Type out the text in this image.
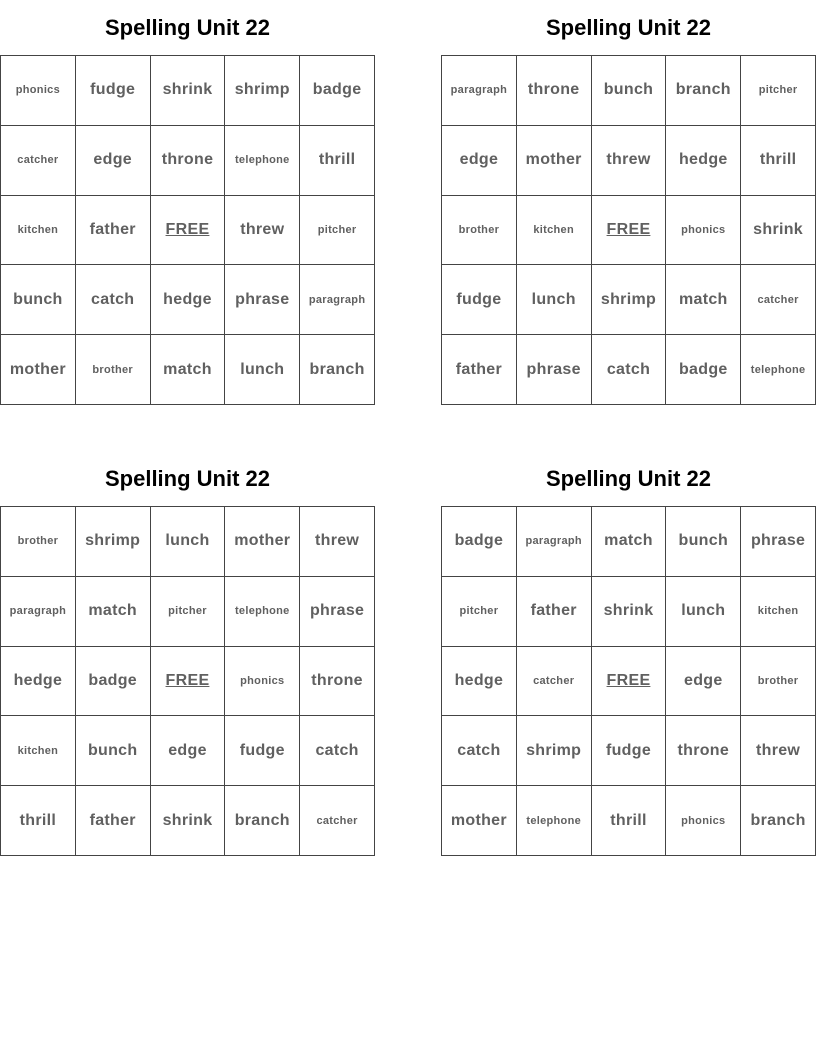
Spelling Unit 22
phonics	fudge	shrink	shrimp	badge
catcher	edge	throne	telephone	thrill
kitchen	father	FREE	threw	pitcher
bunch	catch	hedge	phrase	paragraph
mother	brother	match	lunch	branch
Spelling Unit 22
paragraph	throne	bunch	branch	pitcher
edge	mother	threw	hedge	thrill
brother	kitchen	FREE	phonics	shrink
fudge	lunch	shrimp	match	catcher
father	phrase	catch	badge	telephone
Spelling Unit 22
brother	shrimp	lunch	mother	threw
paragraph	match	pitcher	telephone	phrase
hedge	badge	FREE	phonics	throne
kitchen	bunch	edge	fudge	catch
thrill	father	shrink	branch	catcher
Spelling Unit 22
badge	paragraph	match	bunch	phrase
pitcher	father	shrink	lunch	kitchen
hedge	catcher	FREE	edge	brother
catch	shrimp	fudge	throne	threw
mother	telephone	thrill	phonics	branch
